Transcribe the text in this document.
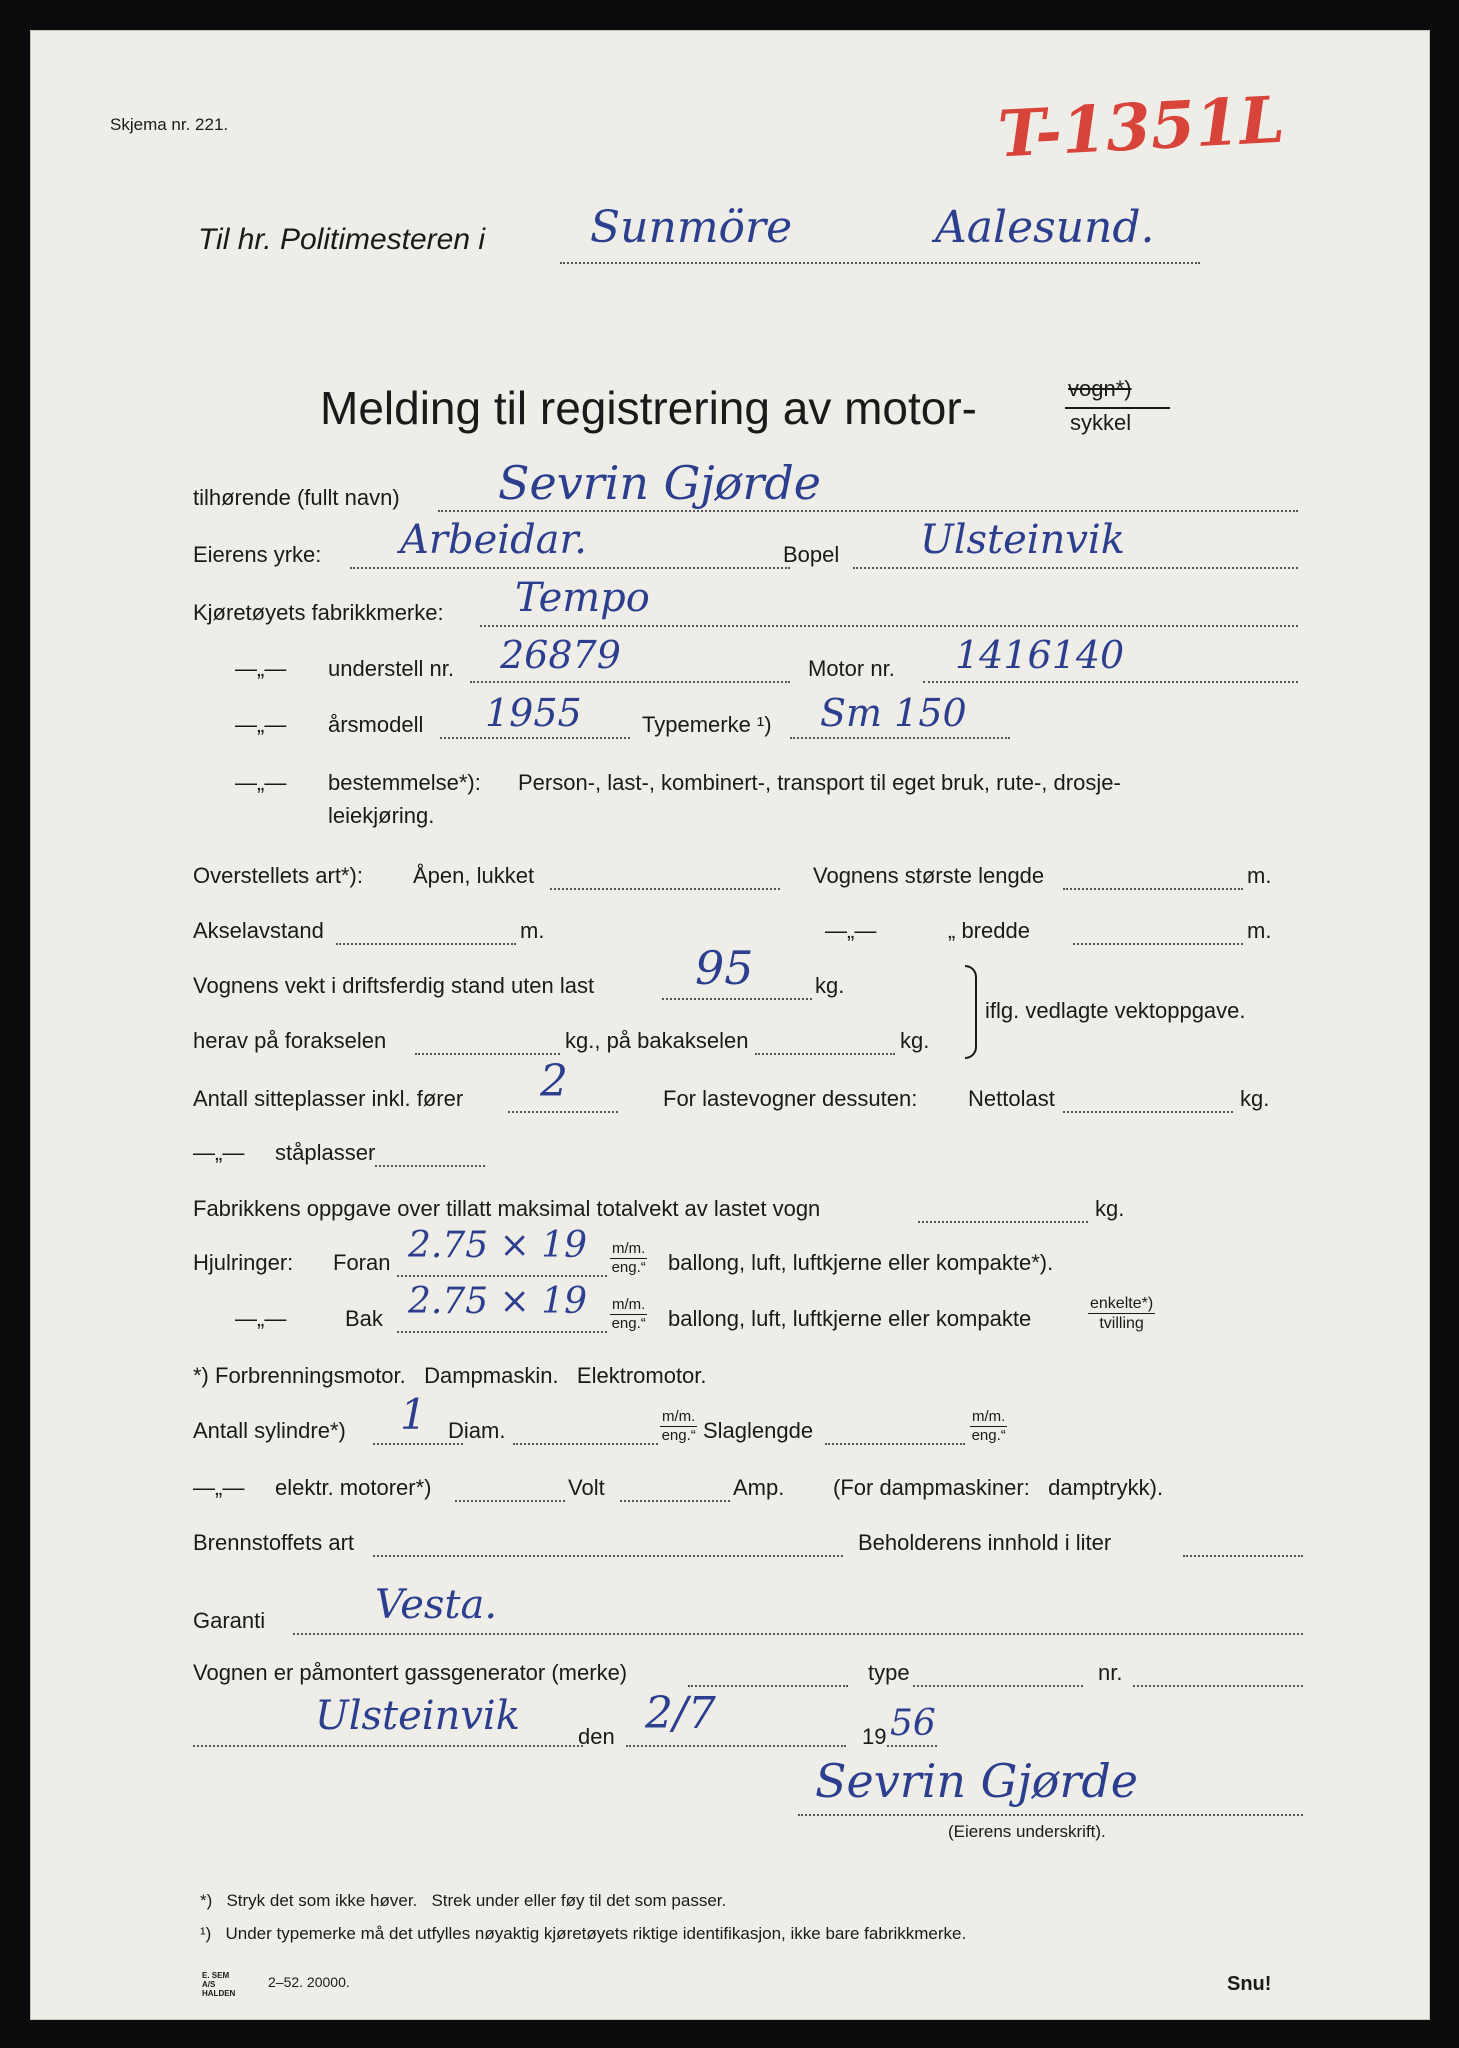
T-1351L
Skjema nr. 221.
Til hr. Politimesteren i Sunmöre	Aalesund.
Melding til registrering av motor-	vogn*)
sykkel
tilhørende (fullt navn) Sevrin Gjørde
Eierens yrke: Arbeidar.	Bopel Ulsteinvik
Kjøretøyets fabrikkmerke: Tempo
—„— understell nr. 26879	Motor nr. 1416140
—„— årsmodell 1955	Typemerke ¹) Sm 150
—„— bestemmelse*): Person-, last-, kombinert-, transport til eget bruk, rute-, drosje-
leiekjøring.
Overstellets art*): Åpen, lukket	Vognens største lengde	m.
Akselavstand	m.	—„—	„ bredde	m.
Vognens vekt i driftsferdig stand uten last 95	kg.
herav på forakselen	kg., på bakakselen	kg.
iflg. vedlagte vektoppgave.
Antall sitteplasser inkl. fører 2	For lastevogner dessuten: Nettolast	kg.
—„— ståplasser
Fabrikkens oppgave over tillatt maksimal totalvekt av lastet vogn	kg.
Hjulringer: Foran 2.75 × 19 m/m.
eng.“ ballong, luft, luftkjerne eller kompakte*).
—„—	Bak 2.75 × 19 m/m.
eng.“ ballong, luft, luftkjerne eller kompakte
enkelte*)
tvilling
*) Forbrenningsmotor.   Dampmaskin.   Elektromotor.
Antall sylindre*) 1 Diam.
m/m.
eng.“ Slaglengde
m/m.
eng.“
—„— elektr. motorer*)	Volt	Amp. (For dampmaskiner:   damptrykk).
Brennstoffets art	Beholderens innhold i liter
Garanti	Vesta.
Vognen er påmontert gassgenerator (merke)	type	nr.
Ulsteinvik	den 2/7	19 56
Sevrin Gjørde
(Eierens underskrift).
*)   Stryk det som ikke høver.   Strek under eller føy til det som passer.
¹)   Under typemerke må det utfylles nøyaktig kjøretøyets riktige identifikasjon, ikke bare fabrikkmerke.
E. SEM A/S HALDEN
2–52. 20000.	Snu!
